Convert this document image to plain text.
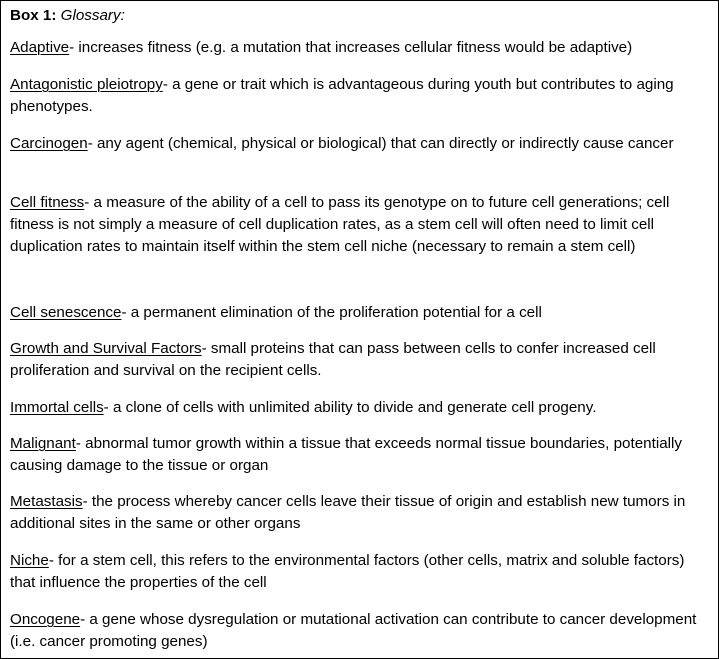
Box 1: Glossary:
Adaptive- increases fitness (e.g. a mutation that increases cellular fitness would be adaptive)
Antagonistic pleiotropy- a gene or trait which is advantageous during youth but contributes to aging phenotypes.
Carcinogen- any agent (chemical, physical or biological) that can directly or indirectly cause cancer
Cell fitness- a measure of the ability of a cell to pass its genotype on to future cell generations; cell fitness is not simply a measure of cell duplication rates, as a stem cell will often need to limit cell duplication rates to maintain itself within the stem cell niche (necessary to remain a stem cell)
Cell senescence- a permanent elimination of the proliferation potential for a cell
Growth and Survival Factors- small proteins that can pass between cells to confer increased cell proliferation and survival on the recipient cells.
Immortal cells- a clone of cells with unlimited ability to divide and generate cell progeny.
Malignant- abnormal tumor growth within a tissue that exceeds normal tissue boundaries, potentially causing damage to the tissue or organ
Metastasis- the process whereby cancer cells leave their tissue of origin and establish new tumors in additional sites in the same or other organs
Niche- for a stem cell, this refers to the environmental factors (other cells, matrix and soluble factors) that influence the properties of the cell
Oncogene- a gene whose dysregulation or mutational activation can contribute to cancer development (i.e. cancer promoting genes)
